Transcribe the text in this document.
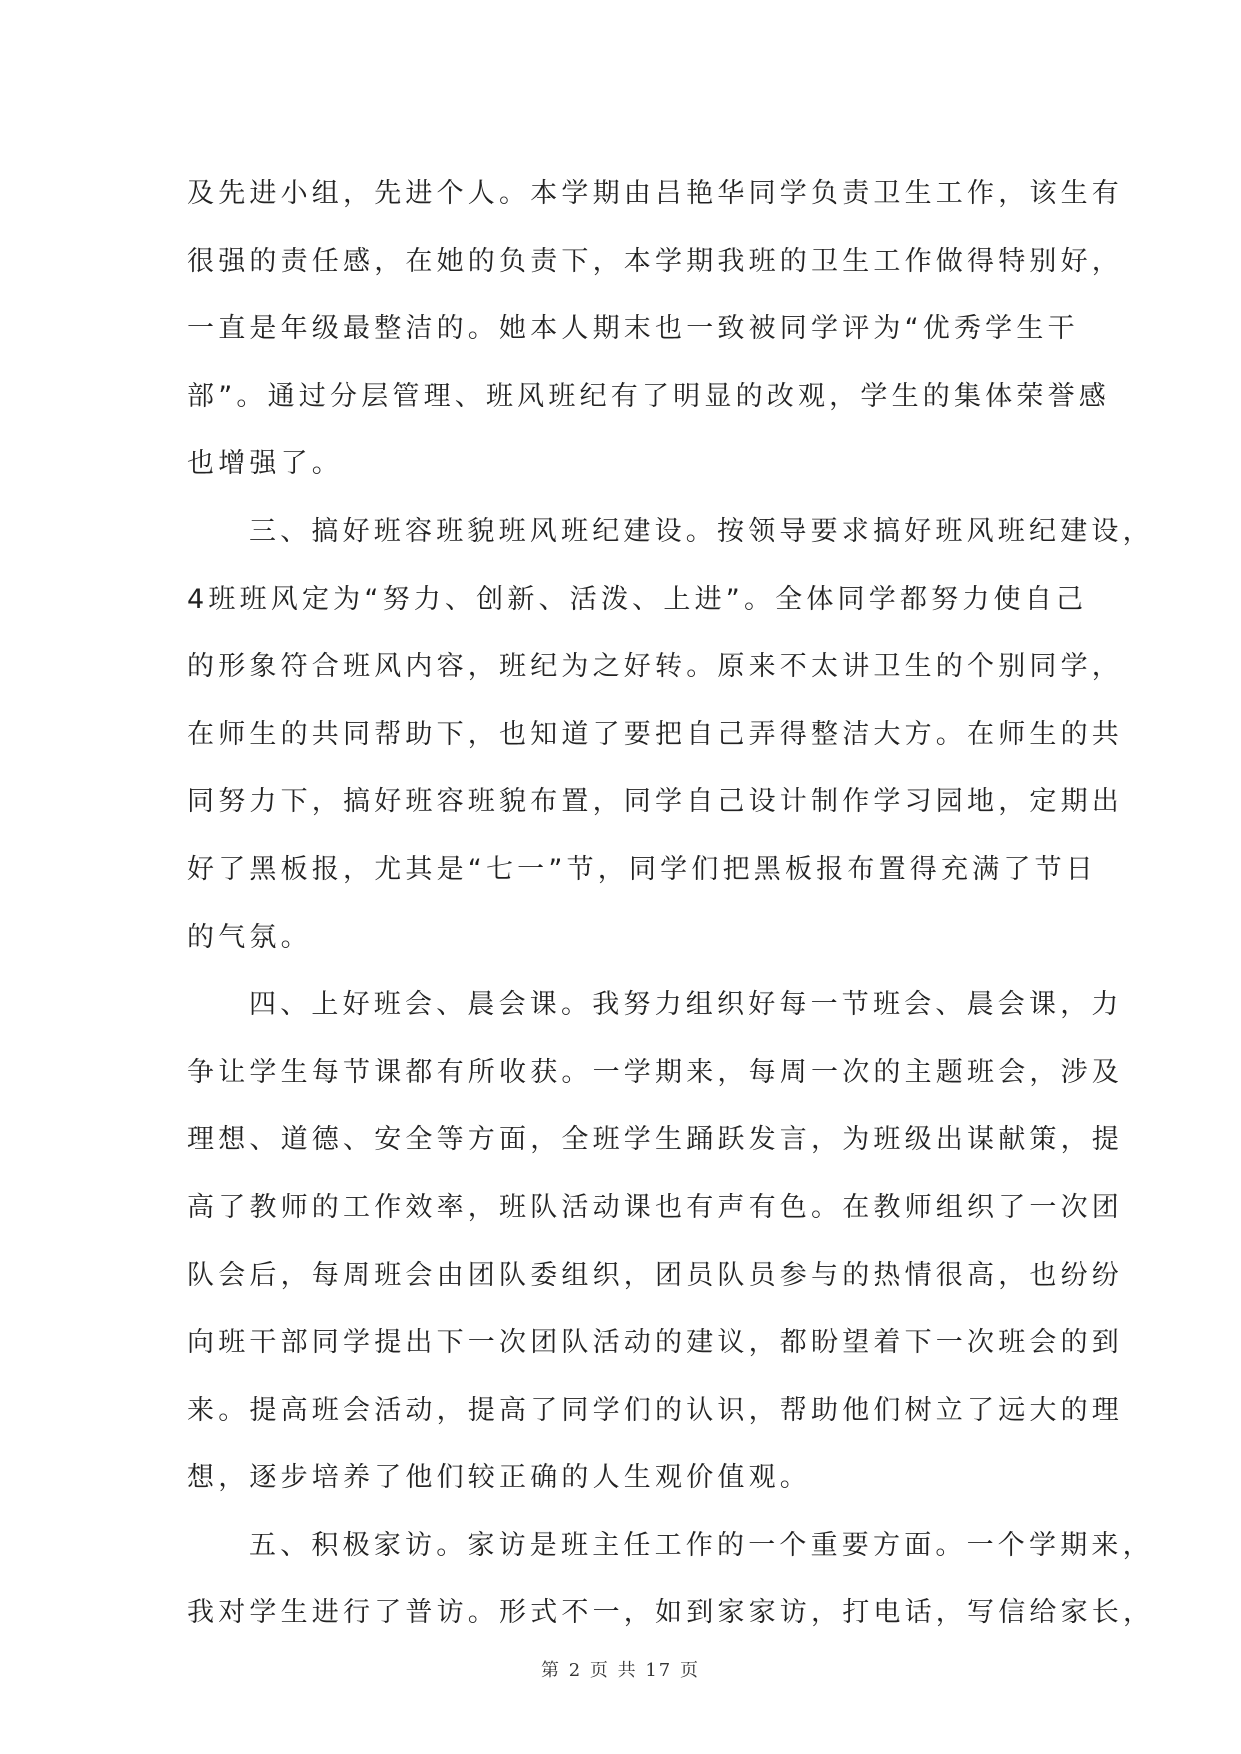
及先进小组，先进个人。本学期由吕艳华同学负责卫生工作，该生有
很强的责任感，在她的负责下，本学期我班的卫生工作做得特别好，
一直是年级最整洁的。她本人期末也一致被同学评为“优秀学生干
部”。通过分层管理、班风班纪有了明显的改观，学生的集体荣誉感
也增强了。
三、搞好班容班貌班风班纪建设。按领导要求搞好班风班纪建设，
4班班风定为“努力、创新、活泼、上进”。全体同学都努力使自己
的形象符合班风内容，班纪为之好转。原来不太讲卫生的个别同学，
在师生的共同帮助下，也知道了要把自己弄得整洁大方。在师生的共
同努力下，搞好班容班貌布置，同学自己设计制作学习园地，定期出
好了黑板报，尤其是“七一”节，同学们把黑板报布置得充满了节日
的气氛。
四、上好班会、晨会课。我努力组织好每一节班会、晨会课，力
争让学生每节课都有所收获。一学期来，每周一次的主题班会，涉及
理想、道德、安全等方面，全班学生踊跃发言，为班级出谋献策，提
高了教师的工作效率，班队活动课也有声有色。在教师组织了一次团
队会后，每周班会由团队委组织，团员队员参与的热情很高，也纷纷
向班干部同学提出下一次团队活动的建议，都盼望着下一次班会的到
来。提高班会活动，提高了同学们的认识，帮助他们树立了远大的理
想，逐步培养了他们较正确的人生观价值观。
五、积极家访。家访是班主任工作的一个重要方面。一个学期来，
我对学生进行了普访。形式不一，如到家家访，打电话，写信给家长，
第 2 页 共 17 页
